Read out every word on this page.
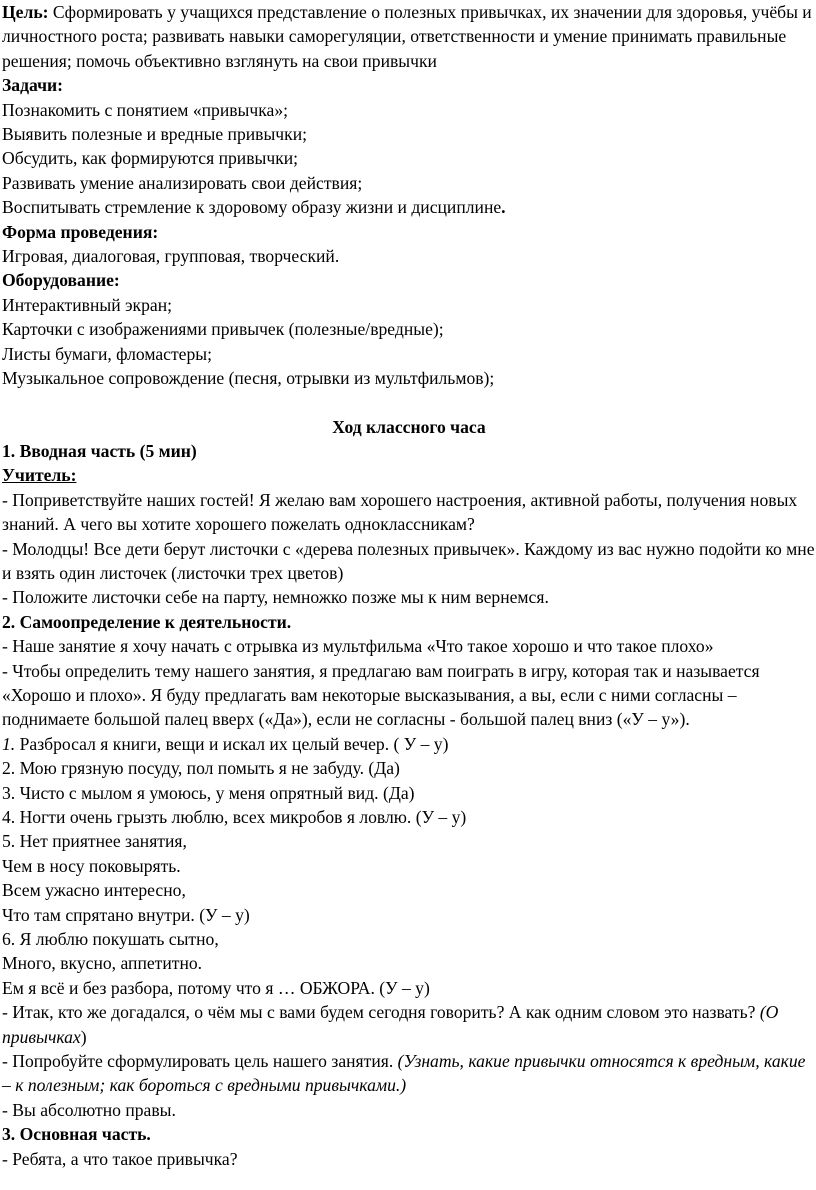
Цель: Сформировать у учащихся представление о полезных привычках, их значении для здоровья, учёбы и личностного роста; развивать навыки саморегуляции, ответственности и умение принимать правильные решения; помочь объективно взглянуть на свои привычки

Задачи:

Познакомить с понятием «привычка»;

Выявить полезные и вредные привычки;

Обсудить, как формируются привычки;

Развивать умение анализировать свои действия;

Воспитывать стремление к здоровому образу жизни и дисциплине.

Форма проведения:

Игровая, диалоговая, групповая, творческий.

Оборудование:

Интерактивный экран;

Карточки с изображениями привычек (полезные/вредные);

Листы бумаги, фломастеры;

Музыкальное сопровождение (песня, отрывки из мультфильмов);

Ход классного часа

1. Вводная часть (5 мин)

Учитель:

- Поприветствуйте наших гостей! Я желаю вам хорошего настроения, активной работы, получения новых знаний. А чего вы хотите хорошего пожелать одноклассникам?

- Молодцы! Все дети берут листочки с «дерева полезных привычек». Каждому из вас нужно подойти ко мне и взять один листочек (листочки трех цветов)

- Положите листочки себе на парту, немножко позже мы к ним вернемся.

2. Самоопределение к деятельности.

- Наше занятие я хочу начать с отрывка из мультфильма «Что такое хорошо и что такое плохо»

- Чтобы определить тему нашего занятия, я предлагаю вам поиграть в игру, которая так и называется «Хорошо и плохо». Я буду предлагать вам некоторые высказывания, а вы, если с ними согласны – поднимаете большой палец вверх («Да»), если не согласны - большой палец вниз («У – у»).

1. Разбросал я книги, вещи и искал их целый вечер. ( У – у)

2. Мою грязную посуду, пол помыть я не забуду. (Да)

3. Чисто с мылом я умоюсь, у меня опрятный вид. (Да)

4. Ногти очень грызть люблю, всех микробов я ловлю. (У – у)

5. Нет приятнее занятия,

Чем в носу поковырять.

Всем ужасно интересно,

Что там спрятано внутри. (У – у)

6. Я люблю покушать сытно,

Много, вкусно, аппетитно.

Ем я всё и без разбора, потому что я … ОБЖОРА. (У – у)

- Итак, кто же догадался, о чём мы с вами будем сегодня говорить? А как одним словом это назвать? (О привычках)

- Попробуйте сформулировать цель нашего занятия. (Узнать, какие привычки относятся к вредным, какие – к полезным; как бороться с вредными привычками.)

- Вы абсолютно правы.

3. Основная часть.

- Ребята, а что такое привычка?
